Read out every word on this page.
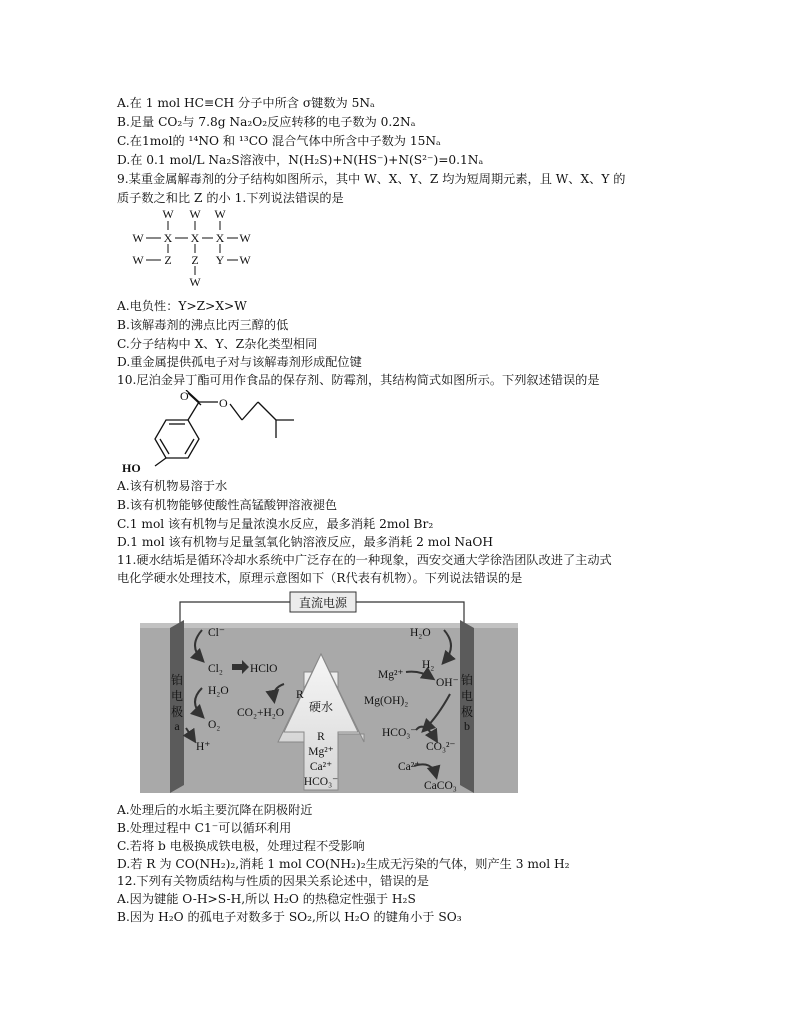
A.在 1 mol HC≡CH 分子中所含 σ键数为 5Nₐ
B.足量 CO₂与 7.8g Na₂O₂反应转移的电子数为 0.2Nₐ
C.在1mol的 ¹⁴NO 和 ¹³CO 混合气体中所含中子数为 15Nₐ
D.在 0.1 mol/L Na₂S溶液中，N(H₂S)+N(HS⁻)+N(S²⁻)=0.1Nₐ
9.某重金属解毒剂的分子结构如图所示，其中 W、X、Y、Z 均为短周期元素，且 W、X、Y 的
质子数之和比 Z 的小 1.下列说法错误的是
W W W
W X X X W
W Z Z Y W
W
A.电负性：Y>Z>X>W
B.该解毒剂的沸点比丙三醇的低
C.分子结构中 X、Y、Z杂化类型相同
D.重金属提供孤电子对与该解毒剂形成配位键
10.尼泊金异丁酯可用作食品的保存剂、防霉剂，其结构简式如图所示。下列叙述错误的是
O	O
HO
A.该有机物易溶于水
B.该有机物能够使酸性高锰酸钾溶液褪色
C.1 mol 该有机物与足量浓溴水反应，最多消耗 2mol Br₂
D.1 mol 该有机物与足量氢氧化钠溶液反应，最多消耗 2 mol NaOH
11.硬水结垢是循环冷却水系统中广泛存在的一种现象，西安交通大学徐浩团队改进了主动式
电化学硬水处理技术，原理示意图如下（R代表有机物）。下列说法错误的是
直流电源
铂
电
极
a
铂
电
极
b
硬水
R
Mg²⁺
Ca²⁺
HCO₃⁻
Cl⁻
Cl₂ HClO
R
H₂O
O₂
H⁺
CO₂+H₂O
H₂O
H₂
Mg²⁺
OH⁻
Mg(OH)₂
HCO₃⁻
CO₃²⁻
Ca²⁺
CaCO₃
A.处理后的水垢主要沉降在阴极附近
B.处理过程中 C1⁻可以循环利用
C.若将 b 电极换成铁电极，处理过程不受影响
D.若 R 为 CO(NH₂)₂,消耗 1 mol CO(NH₂)₂生成无污染的气体，则产生 3 mol H₂
12.下列有关物质结构与性质的因果关系论述中，错误的是
A.因为键能 O-H>S-H,所以 H₂O 的热稳定性强于 H₂S
B.因为 H₂O 的孤电子对数多于 SO₂,所以 H₂O 的键角小于 SO₃
